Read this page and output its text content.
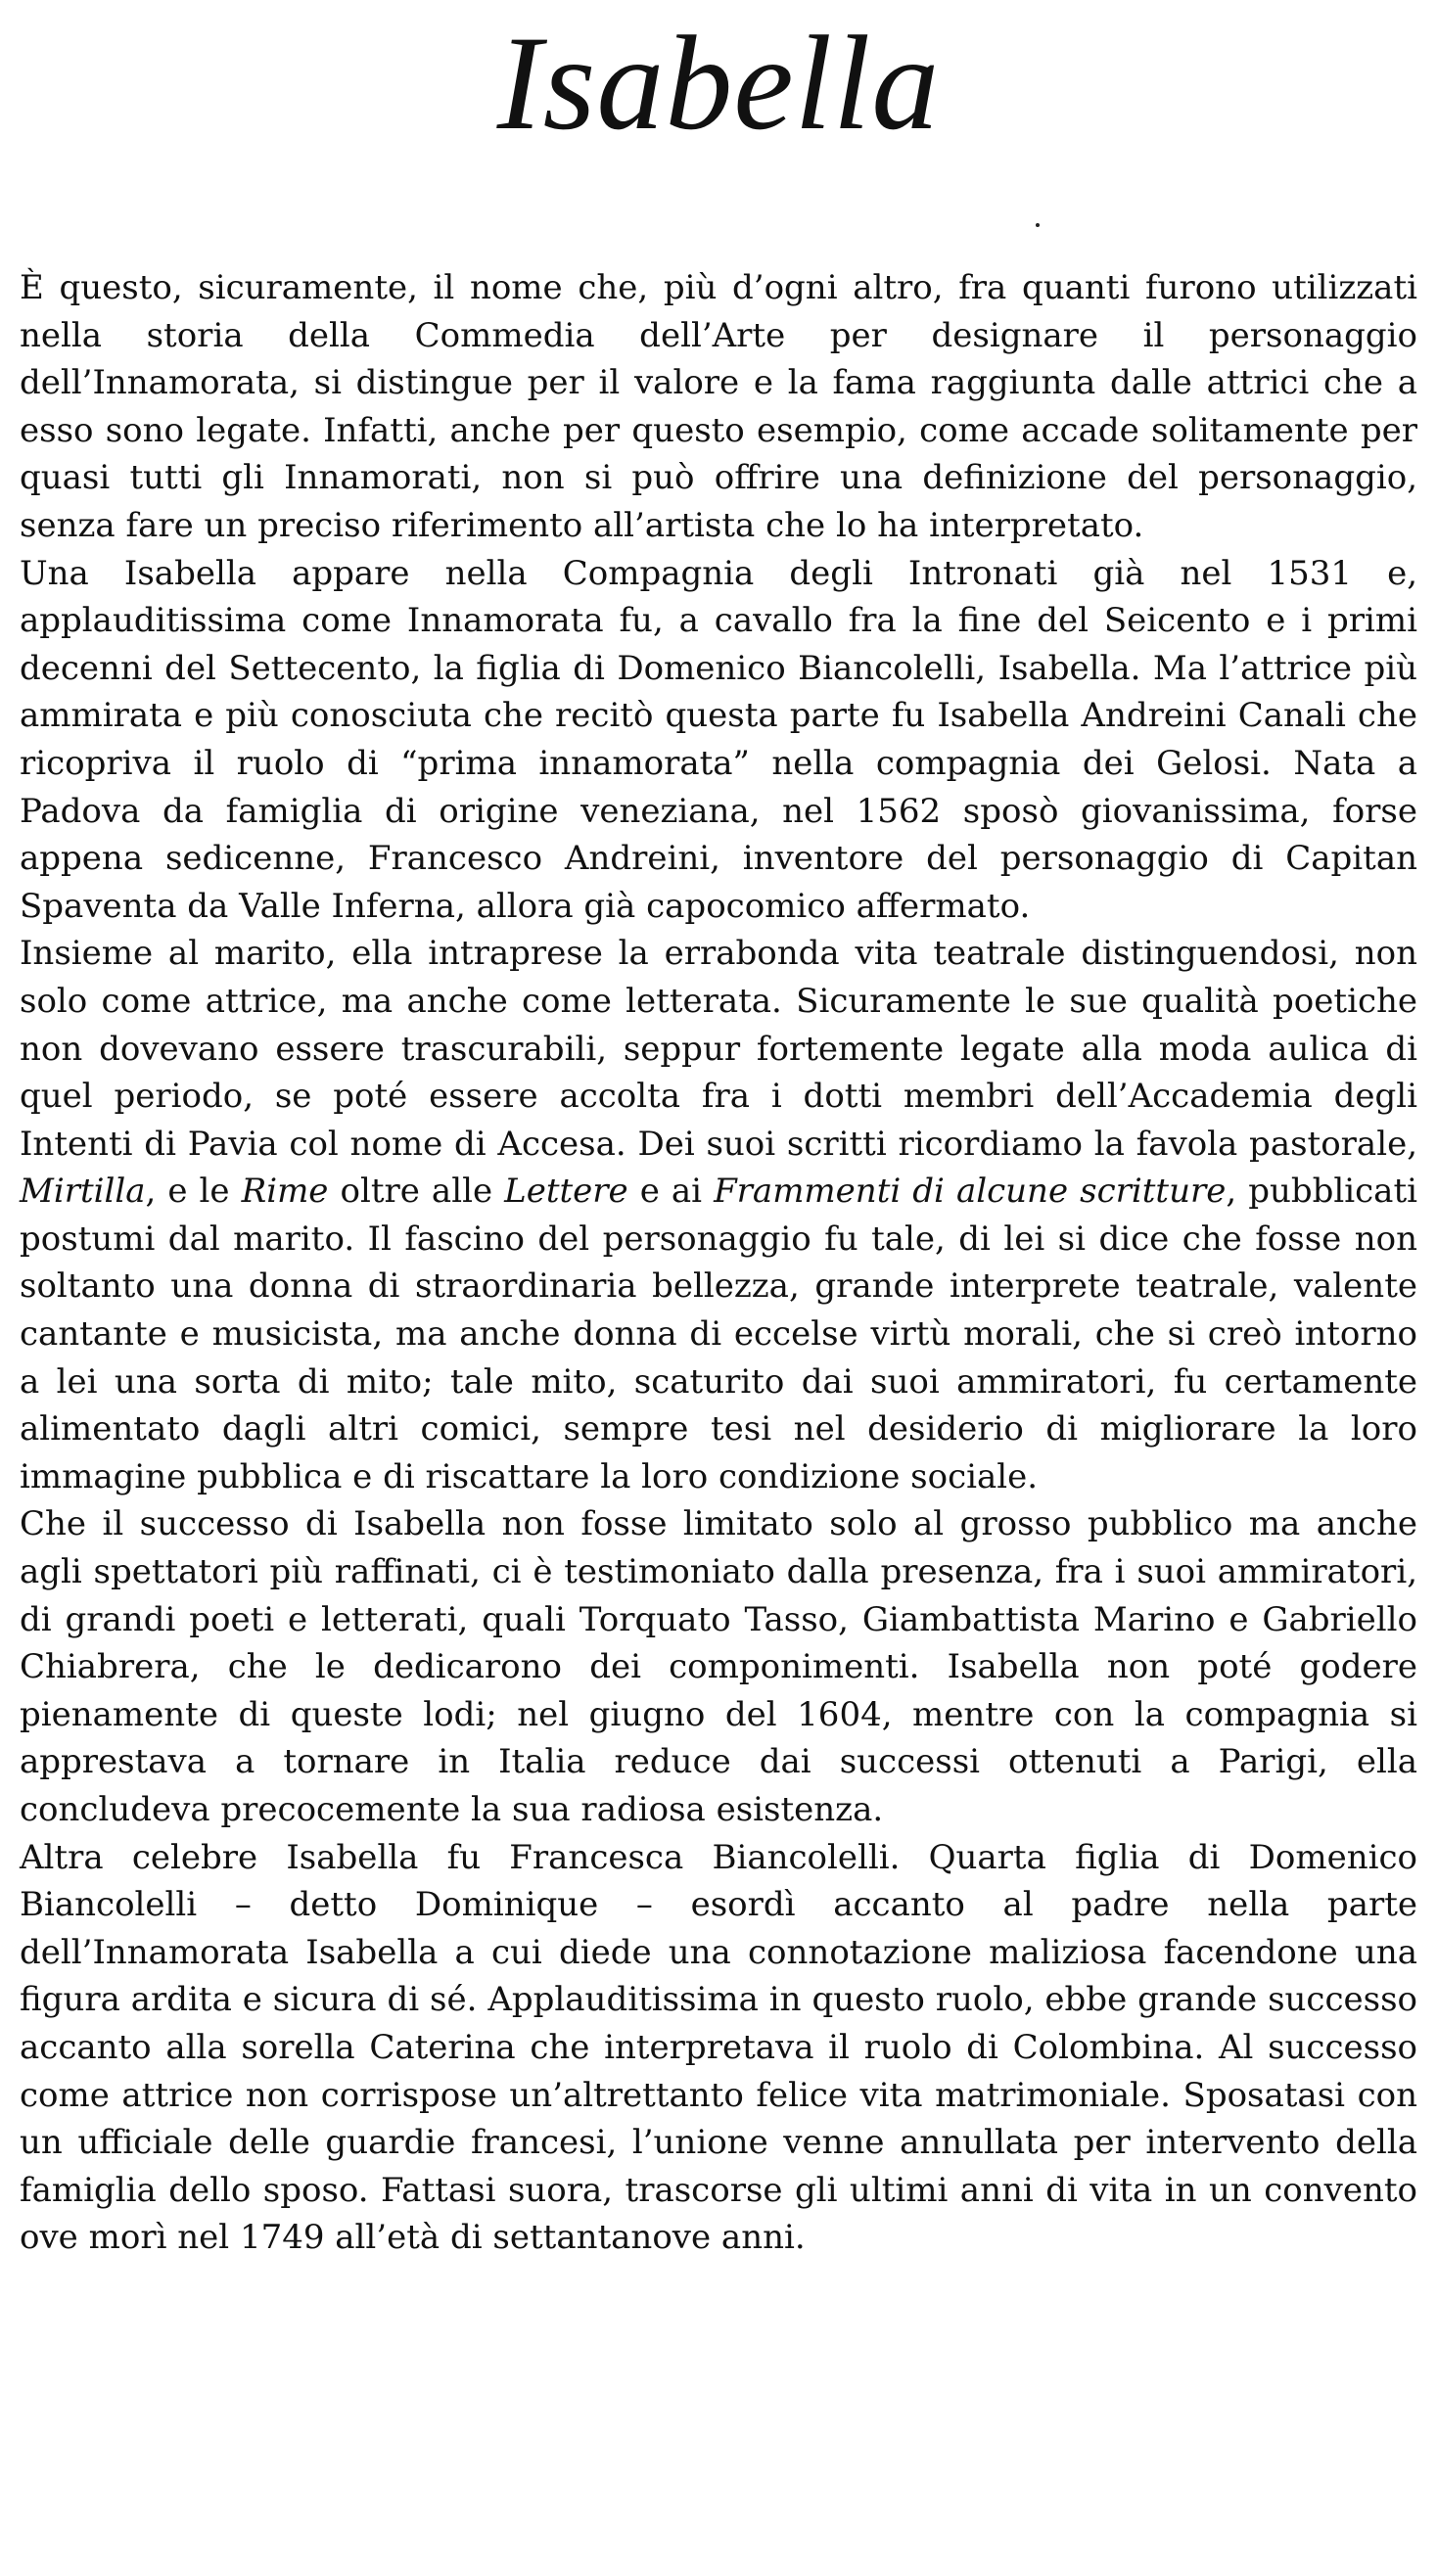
Isabella

È questo, sicuramente, il nome che, più d’ogni altro, fra quanti furono utilizzati nella storia della Commedia dell’Arte per designare il personaggio dell’Innamorata, si distingue per il valore e la fama raggiunta dalle attrici che a esso sono legate. Infatti, anche per questo esempio, come accade solitamente per quasi tutti gli Innamorati, non si può offrire una definizione del personaggio, senza fare un preciso riferimento all’artista che lo ha interpretato.

Una Isabella appare nella Compagnia degli Intronati già nel 1531 e, applauditissima come Innamorata fu, a cavallo fra la fine del Seicento e i primi decenni del Settecento, la figlia di Domenico Biancolelli, Isabella. Ma l’attrice più ammirata e più conosciuta che recitò questa parte fu Isabella Andreini Canali che ricopriva il ruolo di “prima innamorata” nella compagnia dei Gelosi. Nata a Padova da famiglia di origine veneziana, nel 1562 sposò giovanissima, forse appena sedicenne, Francesco Andreini, inventore del personaggio di Capitan Spaventa da Valle Inferna, allora già capocomico affermato.

Insieme al marito, ella intraprese la errabonda vita teatrale distinguendosi, non solo come attrice, ma anche come letterata. Sicuramente le sue qualità poetiche non dovevano essere trascurabili, seppur fortemente legate alla moda aulica di quel periodo, se poté essere accolta fra i dotti membri dell’Accademia degli Intenti di Pavia col nome di Accesa. Dei suoi scritti ricordiamo la favola pastorale, Mirtilla, e le Rime oltre alle Lettere e ai Frammenti di alcune scritture, pubblicati postumi dal marito. Il fascino del personaggio fu tale, di lei si dice che fosse non soltanto una donna di straordinaria bellezza, grande interprete teatrale, valente cantante e musicista, ma anche donna di eccelse virtù morali, che si creò intorno a lei una sorta di mito; tale mito, scaturito dai suoi ammiratori, fu certamente alimentato dagli altri comici, sempre tesi nel desiderio di migliorare la loro immagine pubblica e di riscattare la loro condizione sociale.

Che il successo di Isabella non fosse limitato solo al grosso pubblico ma anche agli spettatori più raffinati, ci è testimoniato dalla presenza, fra i suoi ammiratori, di grandi poeti e letterati, quali Torquato Tasso, Giambattista Marino e Gabriello Chiabrera, che le dedicarono dei componimenti. Isabella non poté godere pienamente di queste lodi; nel giugno del 1604, mentre con la compagnia si apprestava a tornare in Italia reduce dai successi ottenuti a Parigi, ella concludeva precocemente la sua radiosa esistenza.

Altra celebre Isabella fu Francesca Biancolelli. Quarta figlia di Domenico Biancolelli – detto Dominique – esordì accanto al padre nella parte dell’Innamorata Isabella a cui diede una connotazione maliziosa facendone una figura ardita e sicura di sé. Applauditissima in questo ruolo, ebbe grande successo accanto alla sorella Caterina che interpretava il ruolo di Colombina. Al successo come attrice non corrispose un’altrettanto felice vita matrimoniale. Sposatasi con un ufficiale delle guardie francesi, l’unione venne annullata per intervento della famiglia dello sposo. Fattasi suora, trascorse gli ultimi anni di vita in un convento ove morì nel 1749 all’età di settantanove anni.
